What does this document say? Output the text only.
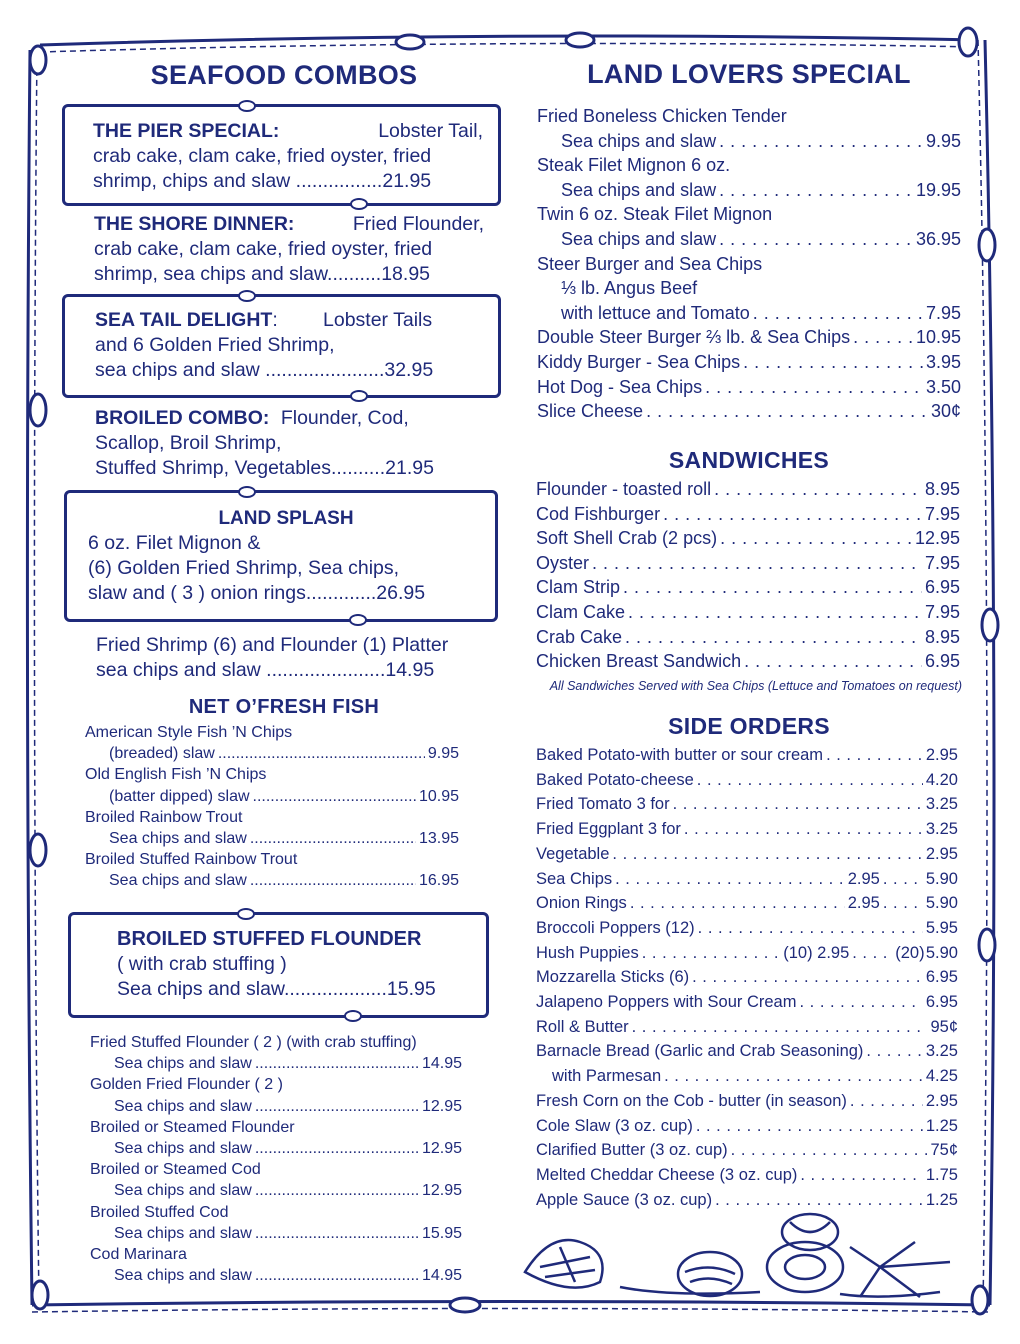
SEAFOOD COMBOS
THE PIER SPECIAL:	Lobster Tail,
crab cake, clam cake, fried oyster, fried
shrimp, chips and slaw ................21.95
THE SHORE DINNER:	Fried Flounder,
crab cake, clam cake, fried oyster, fried
shrimp, sea chips and slaw..........18.95
SEA TAIL DELIGHT:	Lobster Tails
and 6 Golden Fried Shrimp,
sea chips and slaw ......................32.95
BROILED COMBO: Flounder, Cod,
Scallop, Broil Shrimp,
Stuffed Shrimp, Vegetables..........21.95
LAND SPLASH
6 oz. Filet Mignon &
(6) Golden Fried Shrimp, Sea chips,
slaw and ( 3 ) onion rings.............26.95
Fried Shrimp (6) and Flounder (1) Platter
sea chips and slaw ......................14.95
NET O’FRESH FISH
American Style Fish ’N Chips
(breaded) slaw .....	9.95
Old English Fish ’N Chips
(batter dipped) slaw .....	10.95
Broiled Rainbow Trout
Sea chips and slaw .....	13.95
Broiled Stuffed Rainbow Trout
Sea chips and slaw .....	16.95
BROILED STUFFED FLOUNDER
( with crab stuffing )
Sea chips and slaw...................15.95
Fried Stuffed Flounder ( 2 ) (with crab stuffing)
Sea chips and slaw .....	14.95
Golden Fried Flounder ( 2 )
Sea chips and slaw .....	12.95
Broiled or Steamed Flounder
Sea chips and slaw .....	12.95
Broiled or Steamed Cod
Sea chips and slaw .....	12.95
Broiled Stuffed Cod
Sea chips and slaw .....	15.95
Cod Marinara
Sea chips and slaw .....	14.95
LAND LOVERS SPECIAL
Fried Boneless Chicken Tender
Sea chips and slaw . . .	9.95
Steak Filet Mignon 6 oz.
Sea chips and slaw . . .	19.95
Twin 6 oz. Steak Filet Mignon
Sea chips and slaw . . .	36.95
Steer Burger and Sea Chips
⅓ lb. Angus Beef
with lettuce and Tomato . . .	7.95
Double Steer Burger ⅔ lb. & Sea Chips . . .	10.95
Kiddy Burger - Sea Chips . . .	3.95
Hot Dog - Sea Chips . . .	3.50
Slice Cheese . . .	30¢
SANDWICHES
Flounder - toasted roll . . .	8.95
Cod Fishburger . . .	7.95
Soft Shell Crab (2 pcs) . . .	12.95
Oyster . . .	7.95
Clam Strip . . .	6.95
Clam Cake . . .	7.95
Crab Cake . . .	8.95
Chicken Breast Sandwich . . .	6.95
All Sandwiches Served with Sea Chips (Lettuce and Tomatoes on request)
SIDE ORDERS
Baked Potato-with butter or sour cream . . .	2.95
Baked Potato-cheese . . .	4.20
Fried Tomato 3 for . . .	3.25
Fried Eggplant 3 for . . .	3.25
Vegetable . . .	2.95
Sea Chips . . .	2.95 . . .	5.90
Onion Rings . . .	2.95 . . .	5.90
Broccoli Poppers (12) . . .	5.95
Hush Puppies . . .	(10) 2.95 . . .	(20) 5.90
Mozzarella Sticks (6) . . .	6.95
Jalapeno Poppers with Sour Cream . . .	6.95
Roll & Butter . . .	95¢
Barnacle Bread (Garlic and Crab Seasoning) . . .	3.25
with Parmesan . . .	4.25
Fresh Corn on the Cob - butter (in season) . . .	2.95
Cole Slaw (3 oz. cup) . . .	1.25
Clarified Butter (3 oz. cup) . . .	75¢
Melted Cheddar Cheese (3 oz. cup) . . .	1.75
Apple Sauce (3 oz. cup) . . .	1.25
